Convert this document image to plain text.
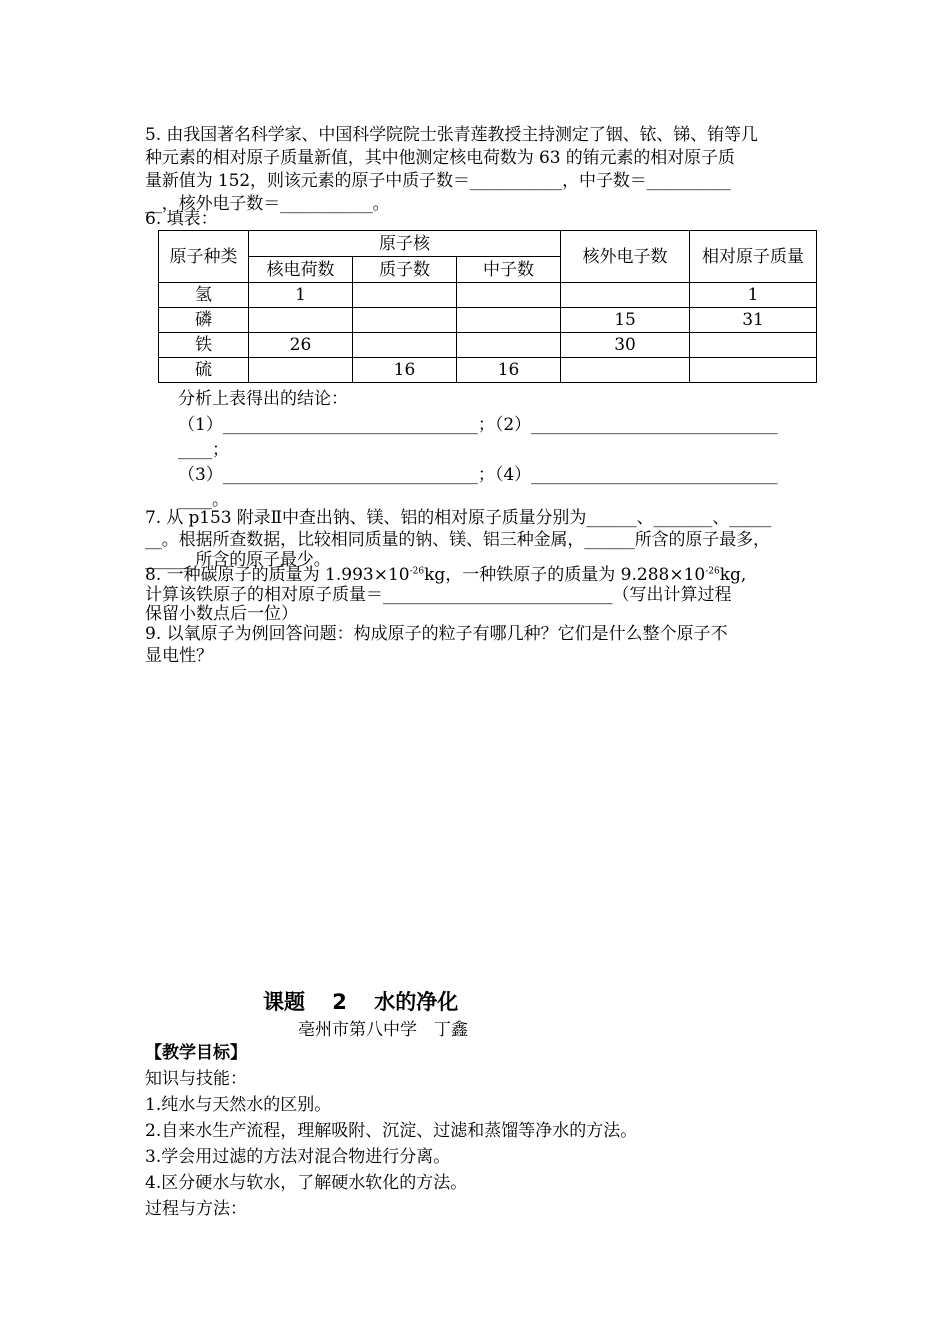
5. 由我国著名科学家、中国科学院院士张青莲教授主持测定了铟、铱、锑、铕等几
种元素的相对原子质量新值，其中他测定核电荷数为 63 的铕元素的相对原子质
量新值为 152，则该元素的原子中质子数＝___________，中子数＝__________
__，核外电子数＝___________。
6. 填表：
原子种类	原子核			核外电子数	相对原子质量
	核电荷数	质子数	中子数		
氢	1				1
磷				15	31
铁	26			30	
硫		16	16		
分析上表得出的结论：
（1）______________________________；（2）_____________________________
____；
（3）______________________________；（4）_____________________________
____。
7. 从 p153 附录Ⅱ中查出钠、镁、铝的相对原子质量分别为______、_______、_____
__。根据所查数据，比较相同质量的钠、镁、铝三种金属，______所含的原子最多，
______所含的原子最少。
8. 一种碳原子的质量为 $1.993\times 10^{-26}kg$，一种铁原子的质量为 $9.288\times 10^{-26}kg$,
计算该铁原子的相对原子质量＝___________________________（写出计算过程
保留小数点后一位）
9. 以氧原子为例回答问题：构成原子的粒子有哪几种？它们是什么整个原子不
显电性？
课题 2 水的净化
亳州市第八中学　丁鑫
【教学目标】
知识与技能：
1.纯水与天然水的区别。
2.自来水生产流程，理解吸附、沉淀、过滤和蒸馏等净水的方法。
3.学会用过滤的方法对混合物进行分离。
4.区分硬水与软水，了解硬水软化的方法。
过程与方法：
